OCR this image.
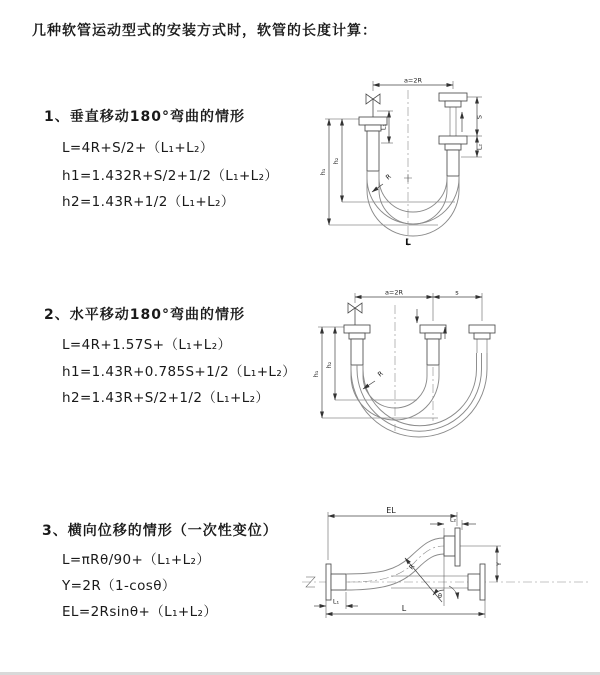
几种软管运动型式的安装方式时，软管的长度计算：
1、垂直移动180°弯曲的情形
L=4R+S/2+（L₁+L₂）
h1=1.432R+S/2+1/2（L₁+L₂）
h2=1.43R+1/2（L₁+L₂）
2、水平移动180°弯曲的情形
L=4R+1.57S+（L₁+L₂）
h1=1.43R+0.785S+1/2（L₁+L₂）
h2=1.43R+S/2+1/2（L₁+L₂）
3、横向位移的情形（一次性变位）
L=πRθ/90+（L₁+L₂）
Y=2R（1-cosθ）
EL=2Rsinθ+（L₁+L₂）
a=2R
L₁
S
L₂
h₂
h₁
R
L
a=2R	s
h₂
h₁	R
EL
L₂
Y
R
θ
L₁
L
